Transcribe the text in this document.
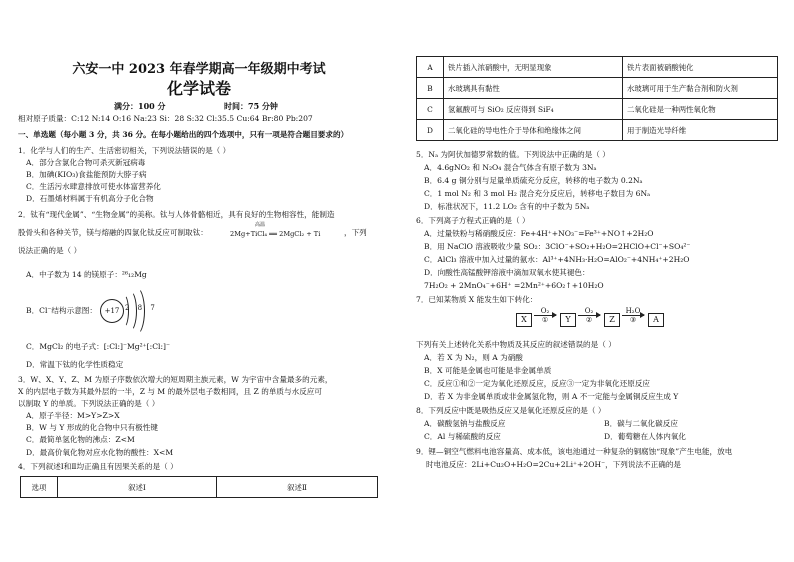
六安一中 2023 年春学期高一年级期中考试
化学试卷
满分：100 分	时间：75 分钟
相对原子质量：C:12 N:14 O:16 Na:23 Si：28 S:32 Cl:35.5 Cu:64 Br:80 Pb:207
一、单选题（每小题 3 分，共 36 分。在每小题给出的四个选项中，只有一项是符合题目要求的）
1．化学与人们的生产、生活密切相关，下列说法错误的是（ ）
A．部分含氯化合物可杀灭新冠病毒
B．加碘(KIO₃)食盐能预防大脖子病
C．生活污水肆意排放可使水体富营养化
D．石墨烯材料属于有机高分子化合物
2．钛有“现代金属”、“生物金属”的美称。钛与人体骨骼相近，具有良好的生物相容性，能制造
股骨头和各种关节，镁与熔融的四氯化钛反应可制取钛：
高温
2Mg+TiCl₄ ══ 2MgCl₂ + Ti	，下列
说法正确的是（ ）
A．中子数为 14 的镁原子：²⁶₁₂Mg
B．Cl⁻结构示意图：	+17 2 8 7
C．MgCl₂ 的电子式：[:Cl:]⁻Mg²⁺[:Cl:]⁻
D．常温下钛的化学性质稳定
3．W、X、Y、Z、M 为原子序数依次增大的短周期主族元素，W 为宇宙中含量最多的元素，
X 的内层电子数为其最外层的一半，Z 与 M 的最外层电子数相同，且 Z 的单质与水反应可
以制取 Y 的单质。下列说法正确的是（ ）
A．原子半径：M>Y>Z>X
B．W 与 Y 形成的化合物中只有极性键
C．最简单氢化物的沸点：Z<M
D．最高价氧化物对应水化物的酸性：X<M
4．下列叙述Ⅰ和Ⅱ均正确且有因果关系的是（ ）
选项	叙述Ⅰ	叙述Ⅱ
A	铁片插入浓硝酸中，无明显现象	铁片表面被硝酸钝化
B	水玻璃具有黏性	水玻璃可用于生产黏合剂和防火剂
C	氢氟酸可与 SiO₂ 反应得到 SiF₄	二氧化硅是一种两性氧化物
D	二氧化硅的导电性介于导体和绝缘体之间	用于制造光导纤维
5．Nₐ 为阿伏加德罗常数的值。下列说法中正确的是（ ）
A．4.6gNO₂ 和 N₂O₄ 混合气体含有原子数为 3Nₐ
B．6.4 g 铜分别与足量单质硫充分反应，转移的电子数为 0.2Nₐ
C．1 mol N₂ 和 3 mol H₂ 混合充分反应后，转移电子数目为 6Nₐ
D．标准状况下，11.2 LO₂ 含有的中子数为 5Nₐ
6．下列离子方程式正确的是（ ）
A．过量铁粉与稀硝酸反应：Fe+4H⁺+NO₃⁻=Fe³⁺+NO↑+2H₂O
B．用 NaClO 溶液吸收少量 SO₂：3ClO⁻+SO₂+H₂O=2HClO+Cl⁻+SO₄²⁻
C．AlCl₃ 溶液中加入过量的氨水：Al³⁺+4NH₃·H₂O=AlO₂⁻+4NH₄⁺+2H₂O
D．向酸性高锰酸钾溶液中滴加双氧水使其褪色：
7H₂O₂ + 2MnO₄⁻+6H⁺ =2Mn²⁺+6O₂↑+10H₂O
7．已知某物质 X 能发生如下转化：
X
O₂
①	Y
O₂
②	Z
H₂O
③	A
下列有关上述转化关系中物质及其反应的叙述错误的是（ ）
A．若 X 为 N₂，则 A 为硝酸
B．X 可能是金属也可能是非金属单质
C．反应①和②一定为氧化还原反应，反应③一定为非氧化还原反应
D．若 X 为非金属单质或非金属氢化物，则 A 不一定能与金属铜反应生成 Y
8．下列反应中既是吸热反应又是氧化还原反应的是（ ）
A．碳酸氢钠与盐酸反应	B．碳与二氧化碳反应
C．Al 与稀硫酸的反应	D．葡萄糖在人体内氧化
9．锂—铜空气燃料电池容量高、成本低，该电池通过一种复杂的铜腐蚀“现象”产生电能，放电
时电池反应：2Li+Cu₂O+H₂O=2Cu+2Li⁺+2OH⁻，下列说法不正确的是
